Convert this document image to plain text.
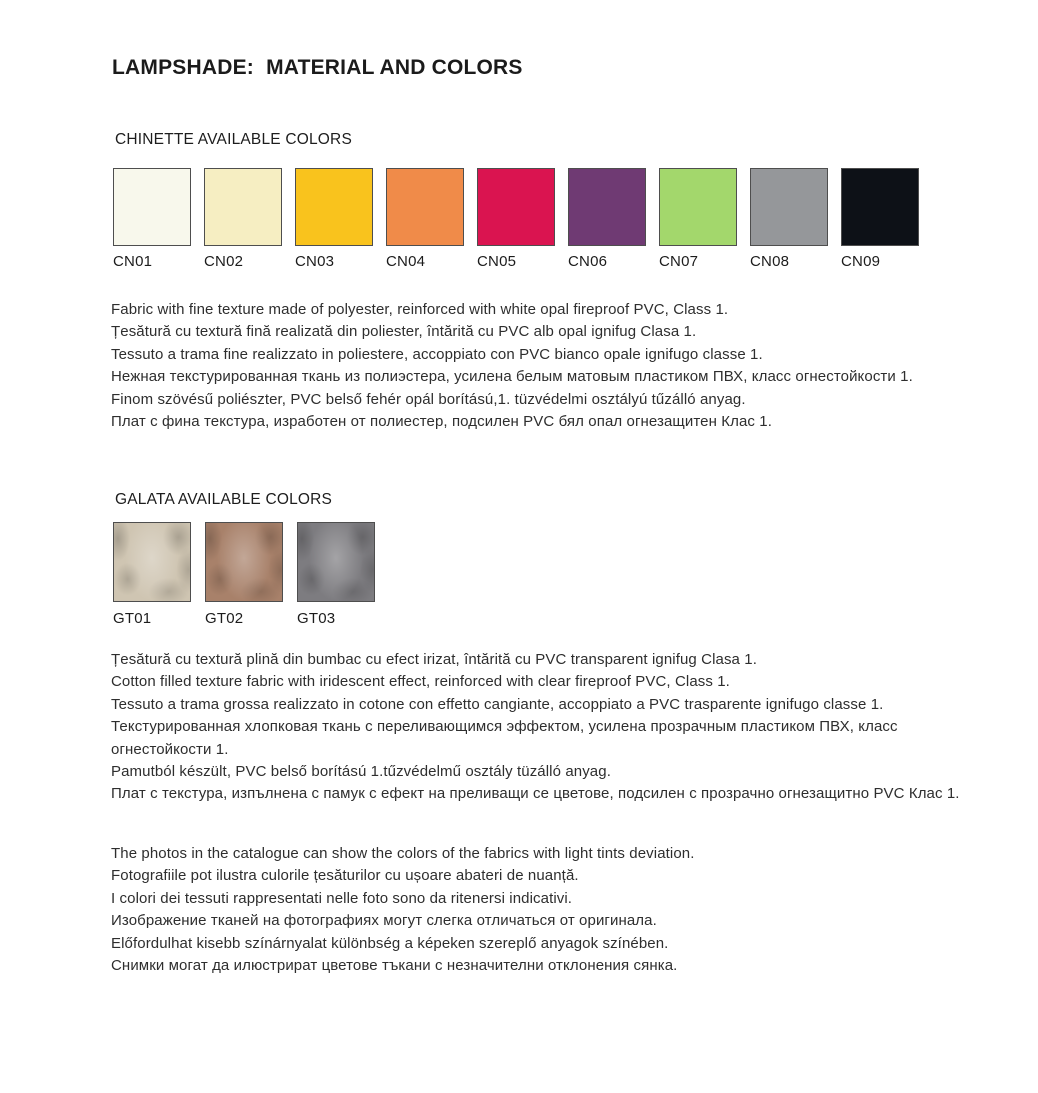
LAMPSHADE:  MATERIAL AND COLORS
CHINETTE AVAILABLE COLORS
CN01	CN02	CN03	CN04	CN05	CN06	CN07	CN08	CN09

Fabric with fine texture made of polyester, reinforced with white opal fireproof PVC, Class 1.

Țesătură cu textură fină realizată din poliester, întărită cu PVC alb opal ignifug Clasa 1.

Tessuto a trama fine realizzato in poliestere, accoppiato con PVC bianco opale ignifugo classe 1.

Нежная текстурированная ткань из полиэстера, усилена белым матовым пластиком ПВХ, класс огнестойкости 1.

Finom szövésű poliészter, PVC belső fehér opál borítású,1. tüzvédelmi osztályú tűzálló anyag.

Плат с фина текстура, изработен от полиестер, подсилен PVC бял опал огнезащитен Клас 1.

GALATA AVAILABLE COLORS
GT01	GT02	GT03

Țesătură cu textură plină din bumbac cu efect irizat, întărită cu PVC transparent ignifug Clasa 1.

Cotton filled texture fabric with iridescent effect, reinforced with clear fireproof PVC, Class 1.

Tessuto a trama grossa realizzato in cotone con effetto cangiante, accoppiato a PVC trasparente ignifugo classe 1.

Текстурированная хлопковая ткань с переливающимся эффектом, усилена прозрачным пластиком ПВХ, класс огнестойкости 1.

Pamutból készült, PVC belső borítású 1.tűzvédelmű osztály tüzálló anyag.

Плат с текстура, изпълнена с памук с ефект на преливащи се цветове, подсилен с прозрачно огнезащитно PVC Клас 1.

The photos in the catalogue can show the colors of the fabrics with light tints deviation.

Fotografiile pot ilustra culorile țesăturilor cu ușoare abateri de nuanță.

I colori dei tessuti rappresentati nelle foto sono da ritenersi indicativi.

Изображение тканей на фотографиях могут слегка отличаться от оригинала.

Előfordulhat kisebb színárnyalat különbség a képeken szereplő anyagok színében.

Снимки могат да илюстрират цветове тъкани с незначителни отклонения сянка.
